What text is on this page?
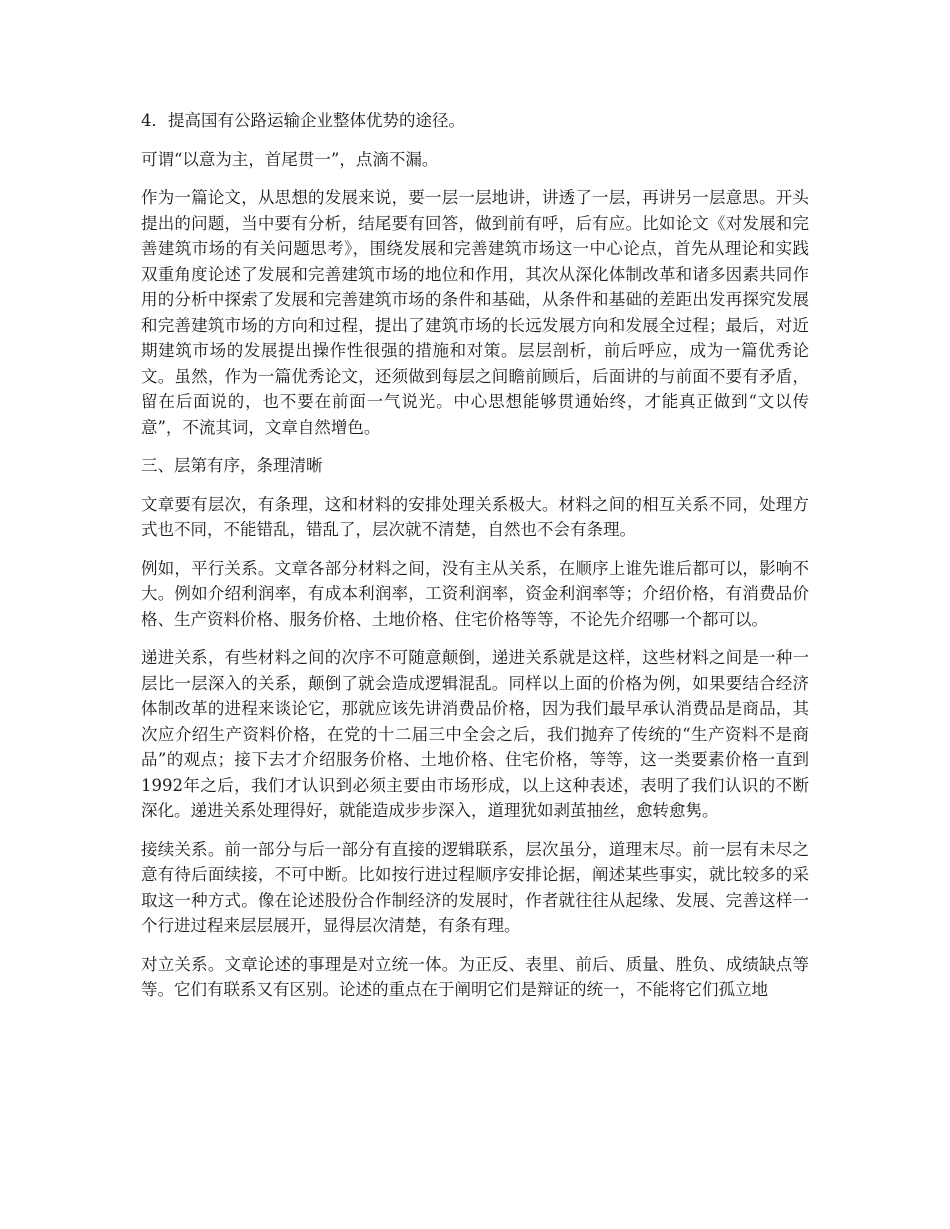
4．提高国有公路运输企业整体优势的途径。

可谓“以意为主，首尾贯一”，点滴不漏。

作为一篇论文，从思想的发展来说，要一层一层地讲，讲透了一层，再讲另一层意思。开头提出的问题，当中要有分析，结尾要有回答，做到前有呼，后有应。比如论文《对发展和完善建筑市场的有关问题思考》，围绕发展和完善建筑市场这一中心论点，首先从理论和实践双重角度论述了发展和完善建筑市场的地位和作用，其次从深化体制改革和诸多因素共同作用的分析中探索了发展和完善建筑市场的条件和基础，从条件和基础的差距出发再探究发展和完善建筑市场的方向和过程，提出了建筑市场的长远发展方向和发展全过程；最后，对近期建筑市场的发展提出操作性很强的措施和对策。层层剖析，前后呼应，成为一篇优秀论文。虽然，作为一篇优秀论文，还须做到每层之间瞻前顾后，后面讲的与前面不要有矛盾，留在后面说的，也不要在前面一气说光。中心思想能够贯通始终，才能真正做到“文以传意”，不流其词，文章自然增色。

三、层第有序，条理清晰

文章要有层次，有条理，这和材料的安排处理关系极大。材料之间的相互关系不同，处理方式也不同，不能错乱，错乱了，层次就不清楚，自然也不会有条理。

例如，平行关系。文章各部分材料之间，没有主从关系，在顺序上谁先谁后都可以，影响不大。例如介绍利润率，有成本利润率，工资利润率，资金利润率等；介绍价格，有消费品价格、生产资料价格、服务价格、土地价格、住宅价格等等，不论先介绍哪一个都可以。

递进关系，有些材料之间的次序不可随意颠倒，递进关系就是这样，这些材料之间是一种一层比一层深入的关系，颠倒了就会造成逻辑混乱。同样以上面的价格为例，如果要结合经济体制改革的进程来谈论它，那就应该先讲消费品价格，因为我们最早承认消费品是商品，其次应介绍生产资料价格，在党的十二届三中全会之后，我们抛弃了传统的“生产资料不是商品”的观点；接下去才介绍服务价格、土地价格、住宅价格，等等，这一类要素价格一直到1992年之后，我们才认识到必须主要由市场形成，以上这种表述，表明了我们认识的不断深化。递进关系处理得好，就能造成步步深入，道理犹如剥茧抽丝，愈转愈隽。

接续关系。前一部分与后一部分有直接的逻辑联系，层次虽分，道理末尽。前一层有未尽之意有待后面续接，不可中断。比如按行进过程顺序安排论据，阐述某些事实，就比较多的采取这一种方式。像在论述股份合作制经济的发展时，作者就往往从起缘、发展、完善这样一个行进过程来层层展开，显得层次清楚，有条有理。

对立关系。文章论述的事理是对立统一体。为正反、表里、前后、质量、胜负、成绩缺点等等。它们有联系又有区别。论述的重点在于阐明它们是辩证的统一，不能将它们孤立地
